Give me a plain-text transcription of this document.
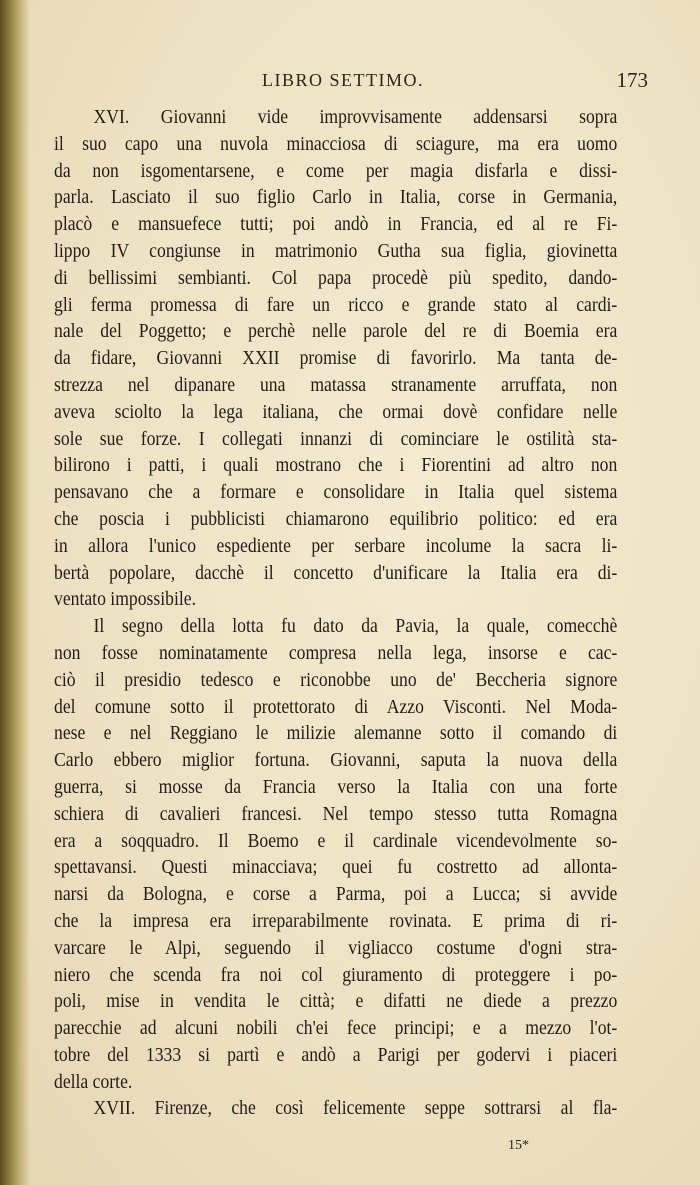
LIBRO SETTIMO.	173
XVI. Giovanni vide improvvisamente addensarsi sopra
il suo capo una nuvola minacciosa di sciagure, ma era uomo
da non isgomentarsene, e come per magia disfarla e dissi-
parla. Lasciato il suo figlio Carlo in Italia, corse in Germania,
placò e mansuefece tutti; poi andò in Francia, ed al re Fi-
lippo IV congiunse in matrimonio Gutha sua figlia, giovinetta
di bellissimi sembianti. Col papa procedè più spedito, dando-
gli ferma promessa di fare un ricco e grande stato al cardi-
nale del Poggetto; e perchè nelle parole del re di Boemia era
da fidare, Giovanni XXII promise di favorirlo. Ma tanta de-
strezza nel dipanare una matassa stranamente arruffata, non
aveva sciolto la lega italiana, che ormai dovè confidare nelle
sole sue forze. I collegati innanzi di cominciare le ostilità sta-
bilirono i patti, i quali mostrano che i Fiorentini ad altro non
pensavano che a formare e consolidare in Italia quel sistema
che poscia i pubblicisti chiamarono equilibrio politico: ed era
in allora l'unico espediente per serbare incolume la sacra li-
bertà popolare, dacchè il concetto d'unificare la Italia era di-
ventato impossibile.
Il segno della lotta fu dato da Pavia, la quale, comecchè
non fosse nominatamente compresa nella lega, insorse e cac-
ciò il presidio tedesco e riconobbe uno de' Beccheria signore
del comune sotto il protettorato di Azzo Visconti. Nel Moda-
nese e nel Reggiano le milizie alemanne sotto il comando di
Carlo ebbero miglior fortuna. Giovanni, saputa la nuova della
guerra, si mosse da Francia verso la Italia con una forte
schiera di cavalieri francesi. Nel tempo stesso tutta Romagna
era a soqquadro. Il Boemo e il cardinale vicendevolmente so-
spettavansi. Questi minacciava; quei fu costretto ad allonta-
narsi da Bologna, e corse a Parma, poi a Lucca; si avvide
che la impresa era irreparabilmente rovinata. E prima di ri-
varcare le Alpi, seguendo il vigliacco costume d'ogni stra-
niero che scenda fra noi col giuramento di proteggere i po-
poli, mise in vendita le città; e difatti ne diede a prezzo
parecchie ad alcuni nobili ch'ei fece principi; e a mezzo l'ot-
tobre del 1333 si partì e andò a Parigi per godervi i piaceri
della corte.
XVII. Firenze, che così felicemente seppe sottrarsi al fla-
15*
